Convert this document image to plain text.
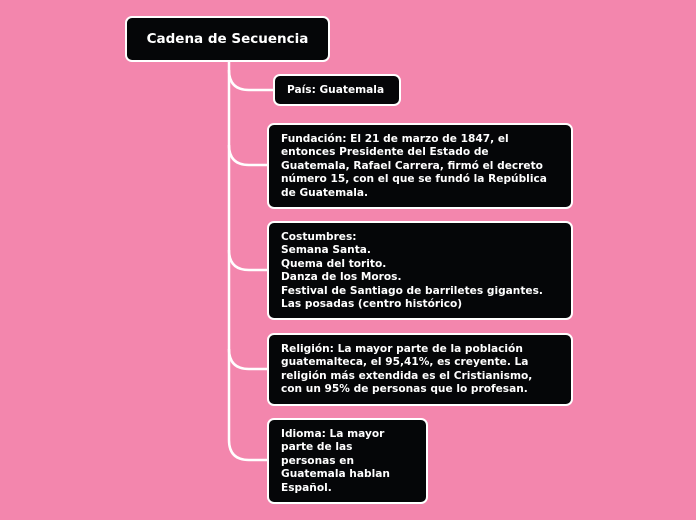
Cadena de Secuencia
País: Guatemala
Fundación: El 21 de marzo de 1847, el
entonces Presidente del Estado de
Guatemala, Rafael Carrera, firmó el decreto
número 15, con el que se fundó la República
de Guatemala.
Costumbres:
Semana Santa.
Quema del torito.
Danza de los Moros.
Festival de Santiago de barriletes gigantes.
Las posadas (centro histórico)
Religión: La mayor parte de la población
guatemalteca, el 95,41%, es creyente. La
religión más extendida es el Cristianismo,
con un 95% de personas que lo profesan.
Idioma: La mayor
parte de las
personas en
Guatemala hablan
Español.
